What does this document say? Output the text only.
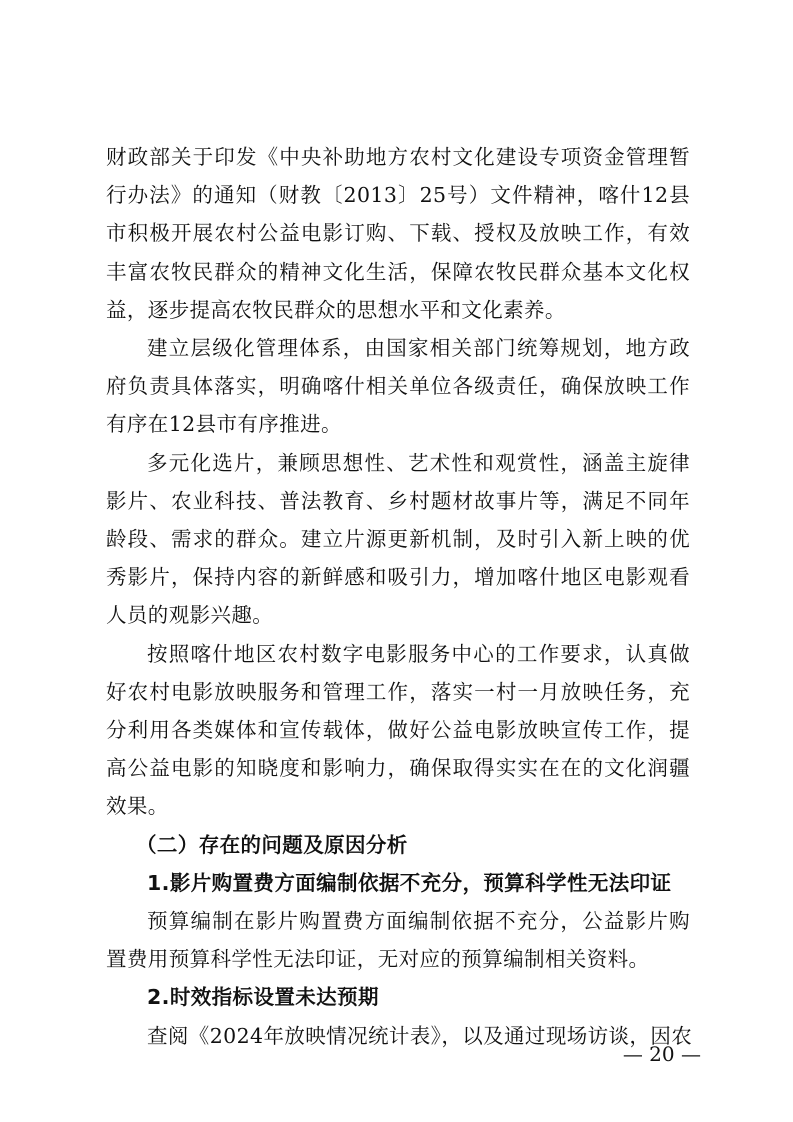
财政部关于印发《中央补助地方农村文化建设专项资金管理暂行办法》的通知（财教〔2013〕25号）文件精神，喀什12县市积极开展农村公益电影订购、下载、授权及放映工作，有效丰富农牧民群众的精神文化生活，保障农牧民群众基本文化权益，逐步提高农牧民群众的思想水平和文化素养。

建立层级化管理体系，由国家相关部门统筹规划，地方政府负责具体落实，明确喀什相关单位各级责任，确保放映工作有序在12县市有序推进。

多元化选片，兼顾思想性、艺术性和观赏性，涵盖主旋律影片、农业科技、普法教育、乡村题材故事片等，满足不同年龄段、需求的群众。建立片源更新机制，及时引入新上映的优秀影片，保持内容的新鲜感和吸引力，增加喀什地区电影观看人员的观影兴趣。

按照喀什地区农村数字电影服务中心的工作要求，认真做好农村电影放映服务和管理工作，落实一村一月放映任务，充分利用各类媒体和宣传载体，做好公益电影放映宣传工作，提高公益电影的知晓度和影响力，确保取得实实在在的文化润疆效果。

（二）存在的问题及原因分析

1.影片购置费方面编制依据不充分，预算科学性无法印证

预算编制在影片购置费方面编制依据不充分，公益影片购置费用预算科学性无法印证，无对应的预算编制相关资料。

2.时效指标设置未达预期

查阅《2024年放映情况统计表》，以及通过现场访谈，因农

— 20 —
